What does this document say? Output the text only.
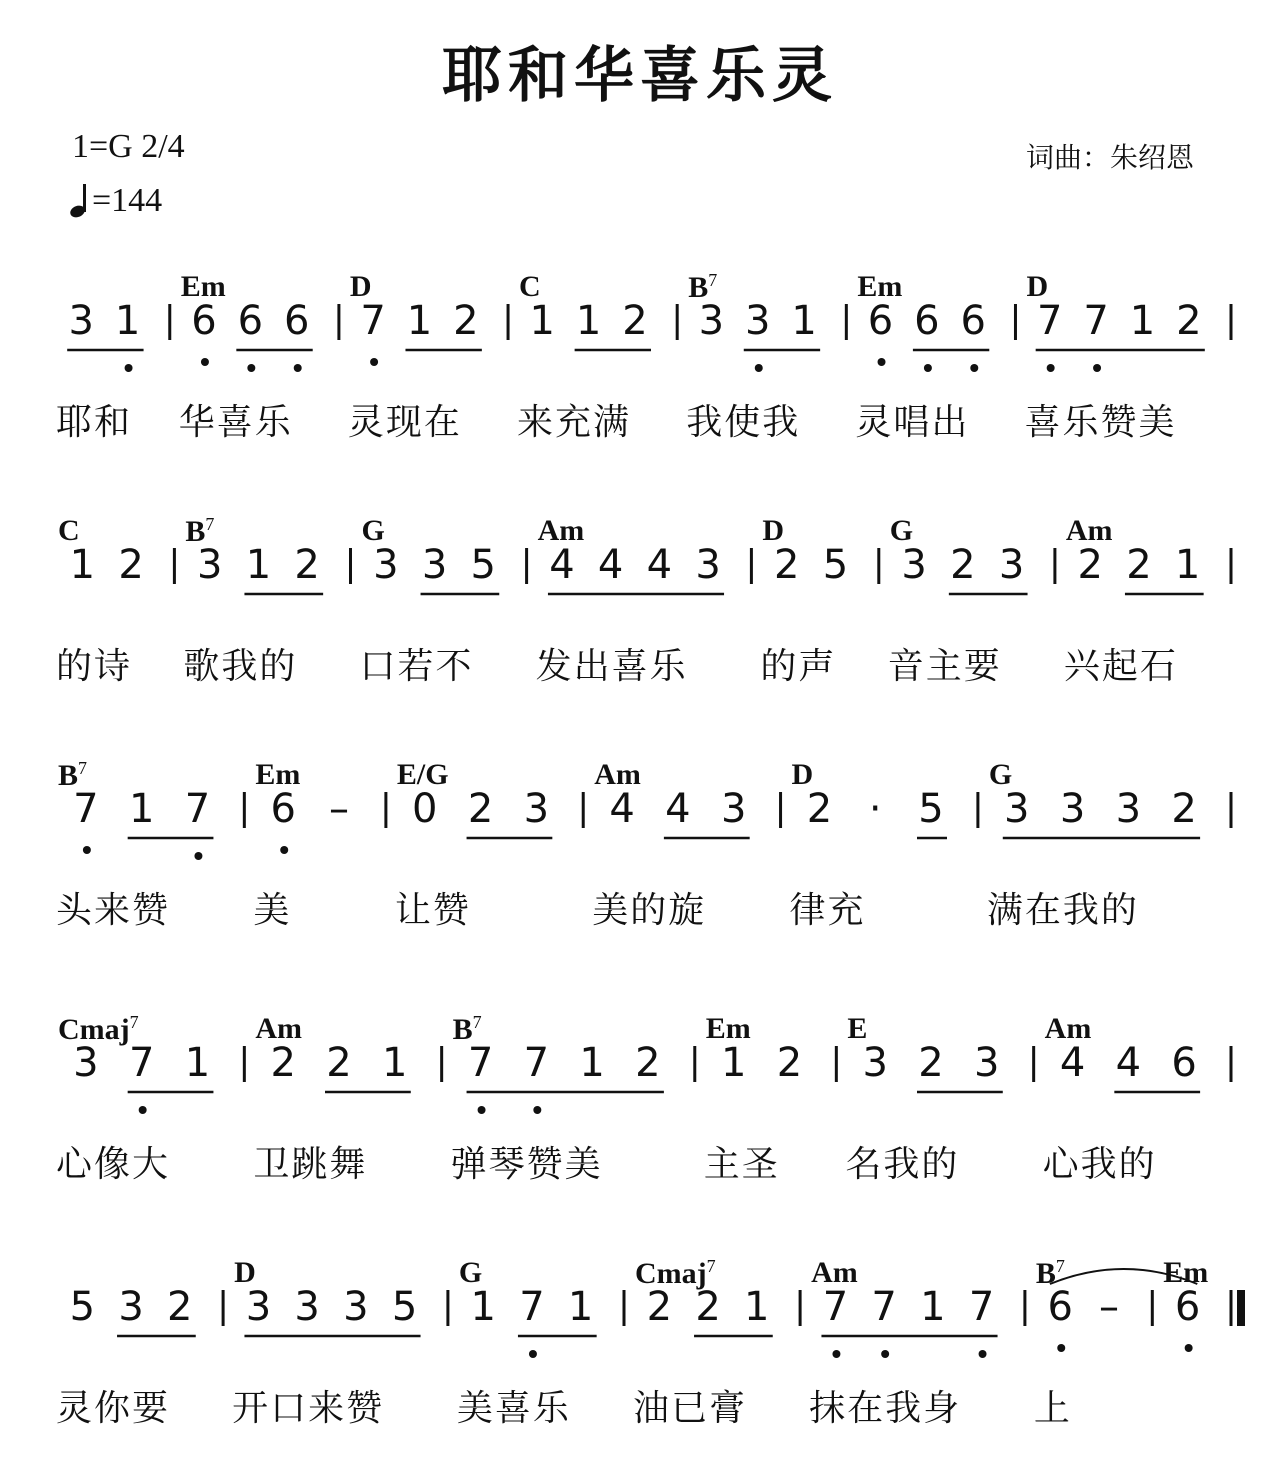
耶和华喜乐灵
1=G 2/4
=144
词曲：朱绍恩
3 1 6 6 6 7 1 2 1 1 2 3 3 1 6 6 6 7 7 1 2
Em	D	C	$B^7$	Em	D
耶和 华喜乐 灵现在 来充满 我使我 灵唱出 喜乐赞美
1 2 3 1 2 3 3 5 4 4 4 3 2 5 3 2 3 2 2 1
C	$B^7$	G	Am	D	G	Am
的诗 歌我的 口若不 发出喜乐 的声 音主要 兴起石
7 1 7 6 – 0 2 3 4 4 3 2 · 5 3 3 3 2
$B^7$	Em	E/G	Am	D	G
头来赞 美	让赞	美的旋 律充	满在我的
3 7 1 2 2 1 7 7 1 2 1 2 3 2 3 4 4 6
Cmaj$^7$	Am	$B^7$	Em	E	Am
心像大 卫跳舞 弹琴赞美	主圣 名我的 心我的
5 3 2 3 3 3 5 1 7 1 2 2 1 7 7 1 7 6 – 6
D	G	Cmaj$^7$	Am	$B^7$	Em
灵你要 开口来赞 美喜乐 油已膏 抹在我身 上
